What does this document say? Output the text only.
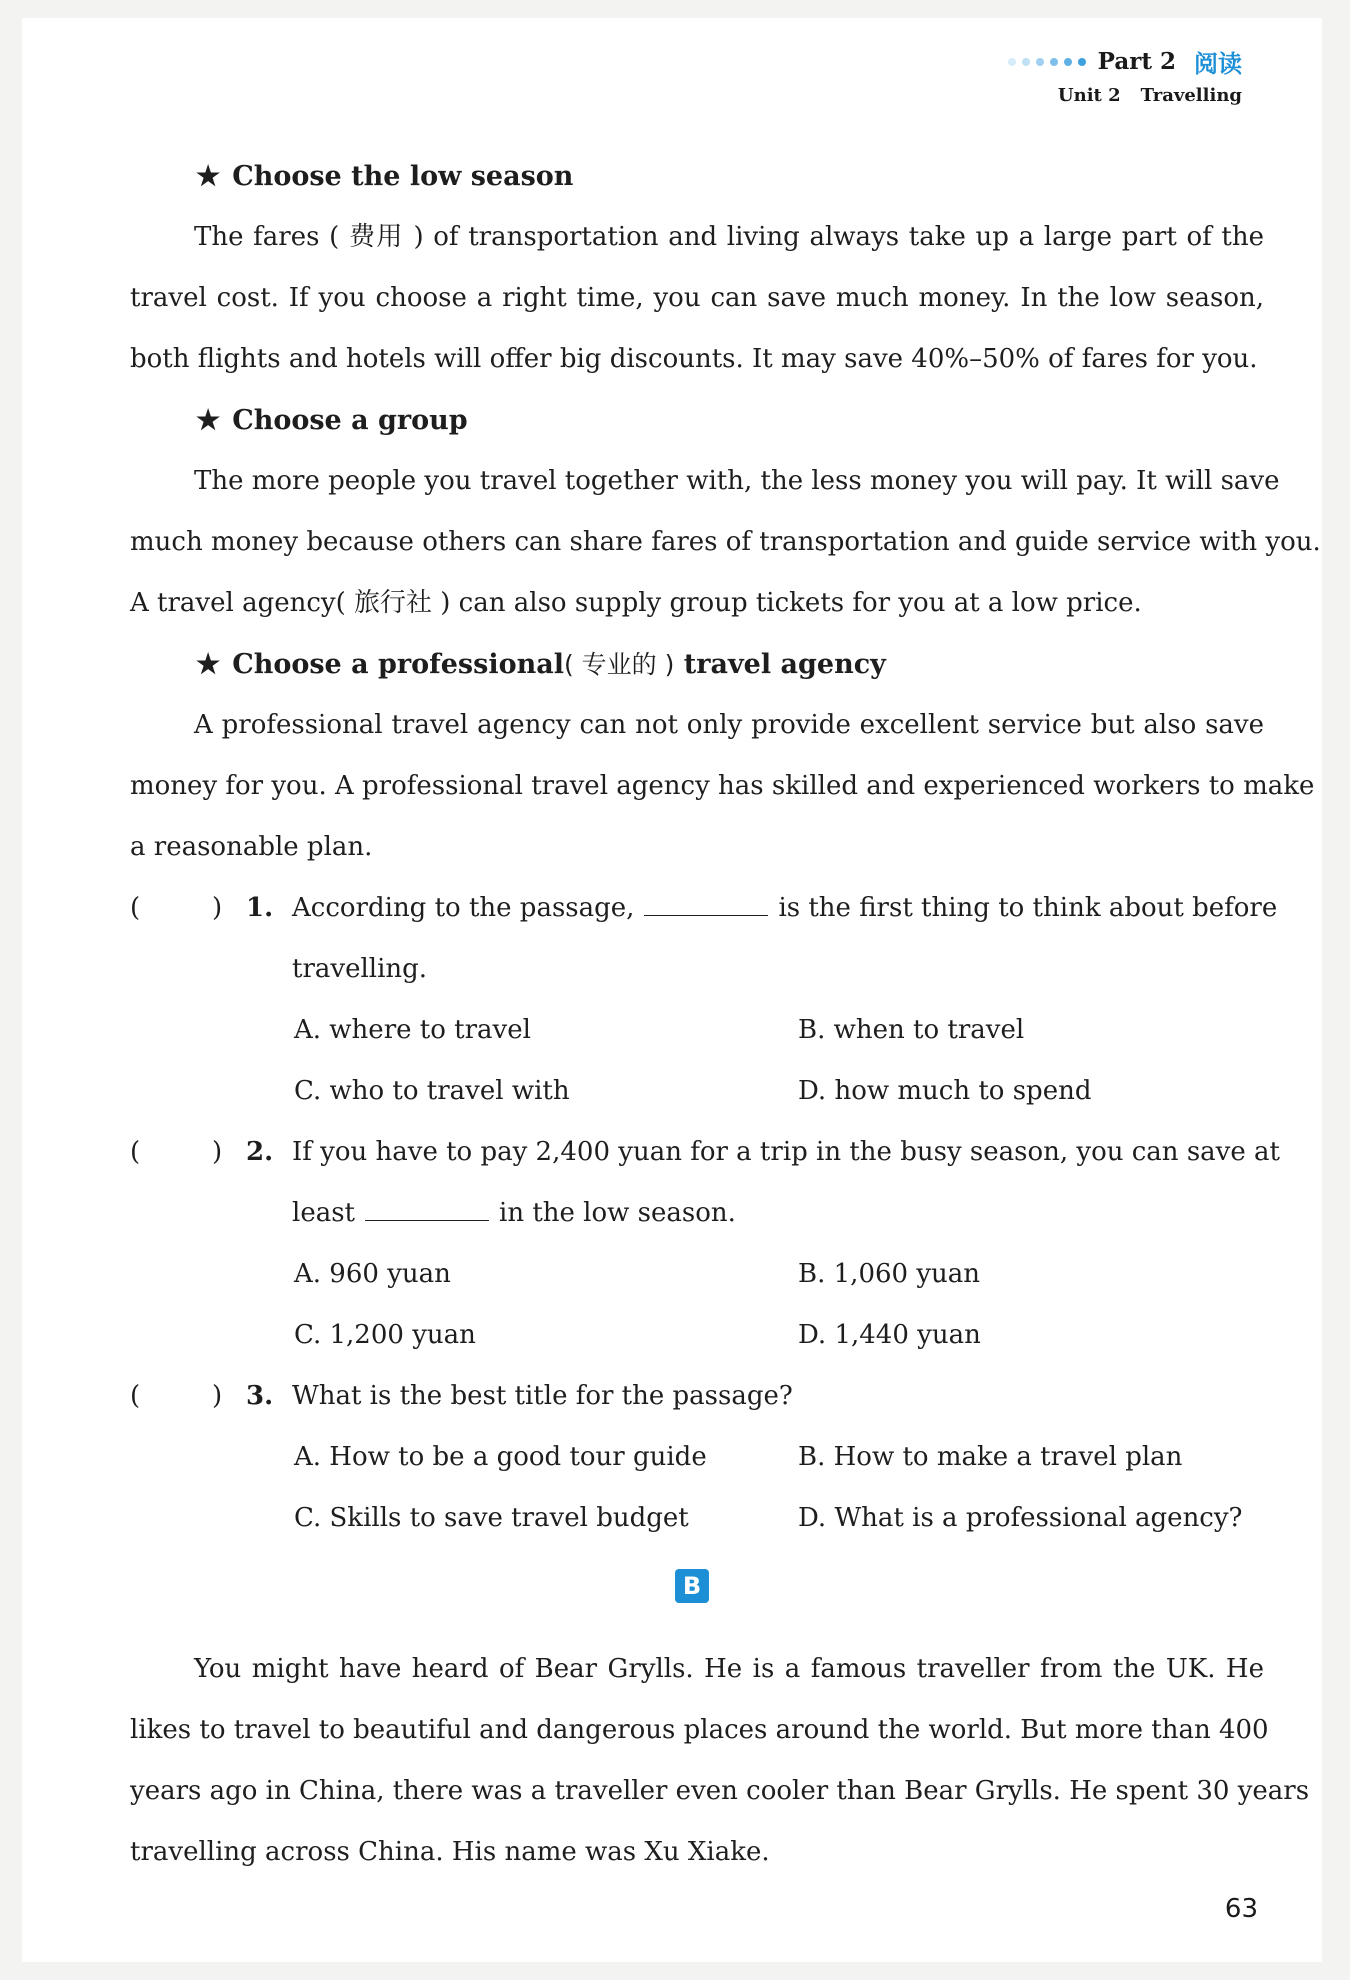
Part 2 阅读
Unit 2 Travelling
★ Choose the low season
The fares ( 费用 ) of transportation and living always take up a large part of the
travel cost. If you choose a right time, you can save much money. In the low season,
both flights and hotels will offer big discounts. It may save 40%–50% of fares for you.
★ Choose a group
The more people you travel together with, the less money you will pay. It will save
much money because others can share fares of transportation and guide service with you.
A travel agency( 旅行社 ) can also supply group tickets for you at a low price.
★ Choose a professional( 专业的 ) travel agency
A professional travel agency can not only provide excellent service but also save
money for you. A professional travel agency has skilled and experienced workers to make
a reasonable plan.
(	) 1. According to the passage,	is the first thing to think about before
travelling.
A. where to travel	B. when to travel
C. who to travel with	D. how much to spend
(	) 2. If you have to pay 2,400 yuan for a trip in the busy season, you can save at
least	in the low season.
A. 960 yuan	B. 1,060 yuan
C. 1,200 yuan	D. 1,440 yuan
(	) 3. What is the best title for the passage?
A. How to be a good tour guide	B. How to make a travel plan
C. Skills to save travel budget	D. What is a professional agency?
B
You might have heard of Bear Grylls. He is a famous traveller from the UK. He
likes to travel to beautiful and dangerous places around the world. But more than 400
years ago in China, there was a traveller even cooler than Bear Grylls. He spent 30 years
travelling across China. His name was Xu Xiake.
63
